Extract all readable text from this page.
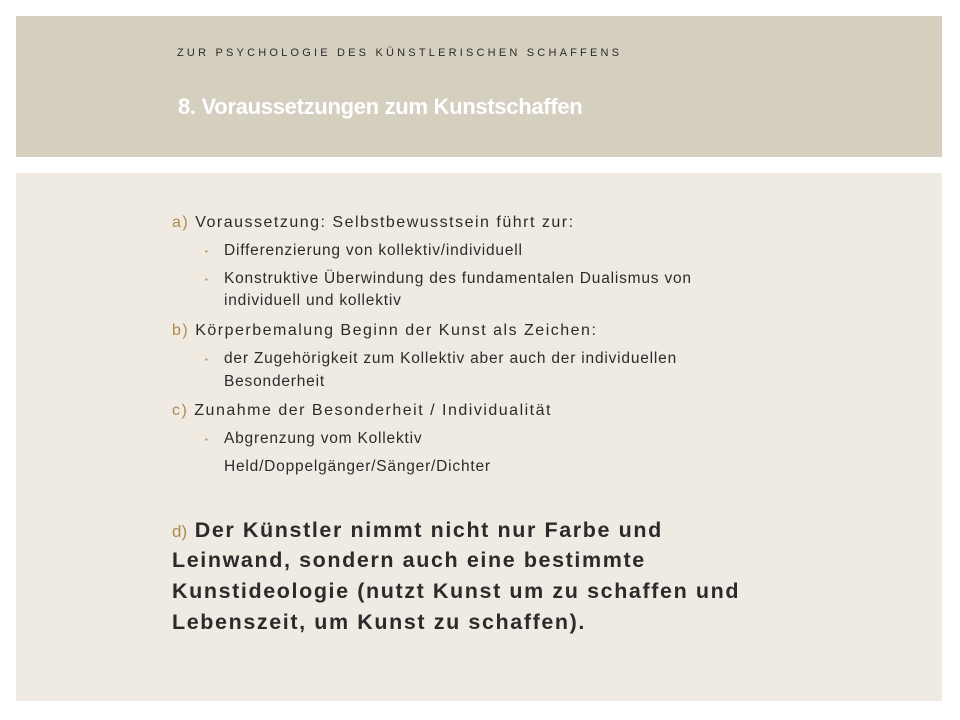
ZUR PSYCHOLOGIE DES KÜNSTLERISCHEN SCHAFFENS
8. Voraussetzungen zum Kunstschaffen
a) Voraussetzung: Selbstbewusstsein führt zur:
▪ Differenzierung von kollektiv/individuell
▪ Konstruktive Überwindung des fundamentalen Dualismus von
individuell und kollektiv
b) Körperbemalung Beginn der Kunst als Zeichen:
▪ der Zugehörigkeit zum Kollektiv aber auch der individuellen
Besonderheit
c) Zunahme der Besonderheit / Individualität
▪ Abgrenzung vom Kollektiv
Held/Doppelgänger/Sänger/Dichter
d) Der Künstler nimmt nicht nur Farbe und
Leinwand, sondern auch eine bestimmte
Kunstideologie (nutzt Kunst um zu schaffen und
Lebenszeit, um Kunst zu schaffen).
